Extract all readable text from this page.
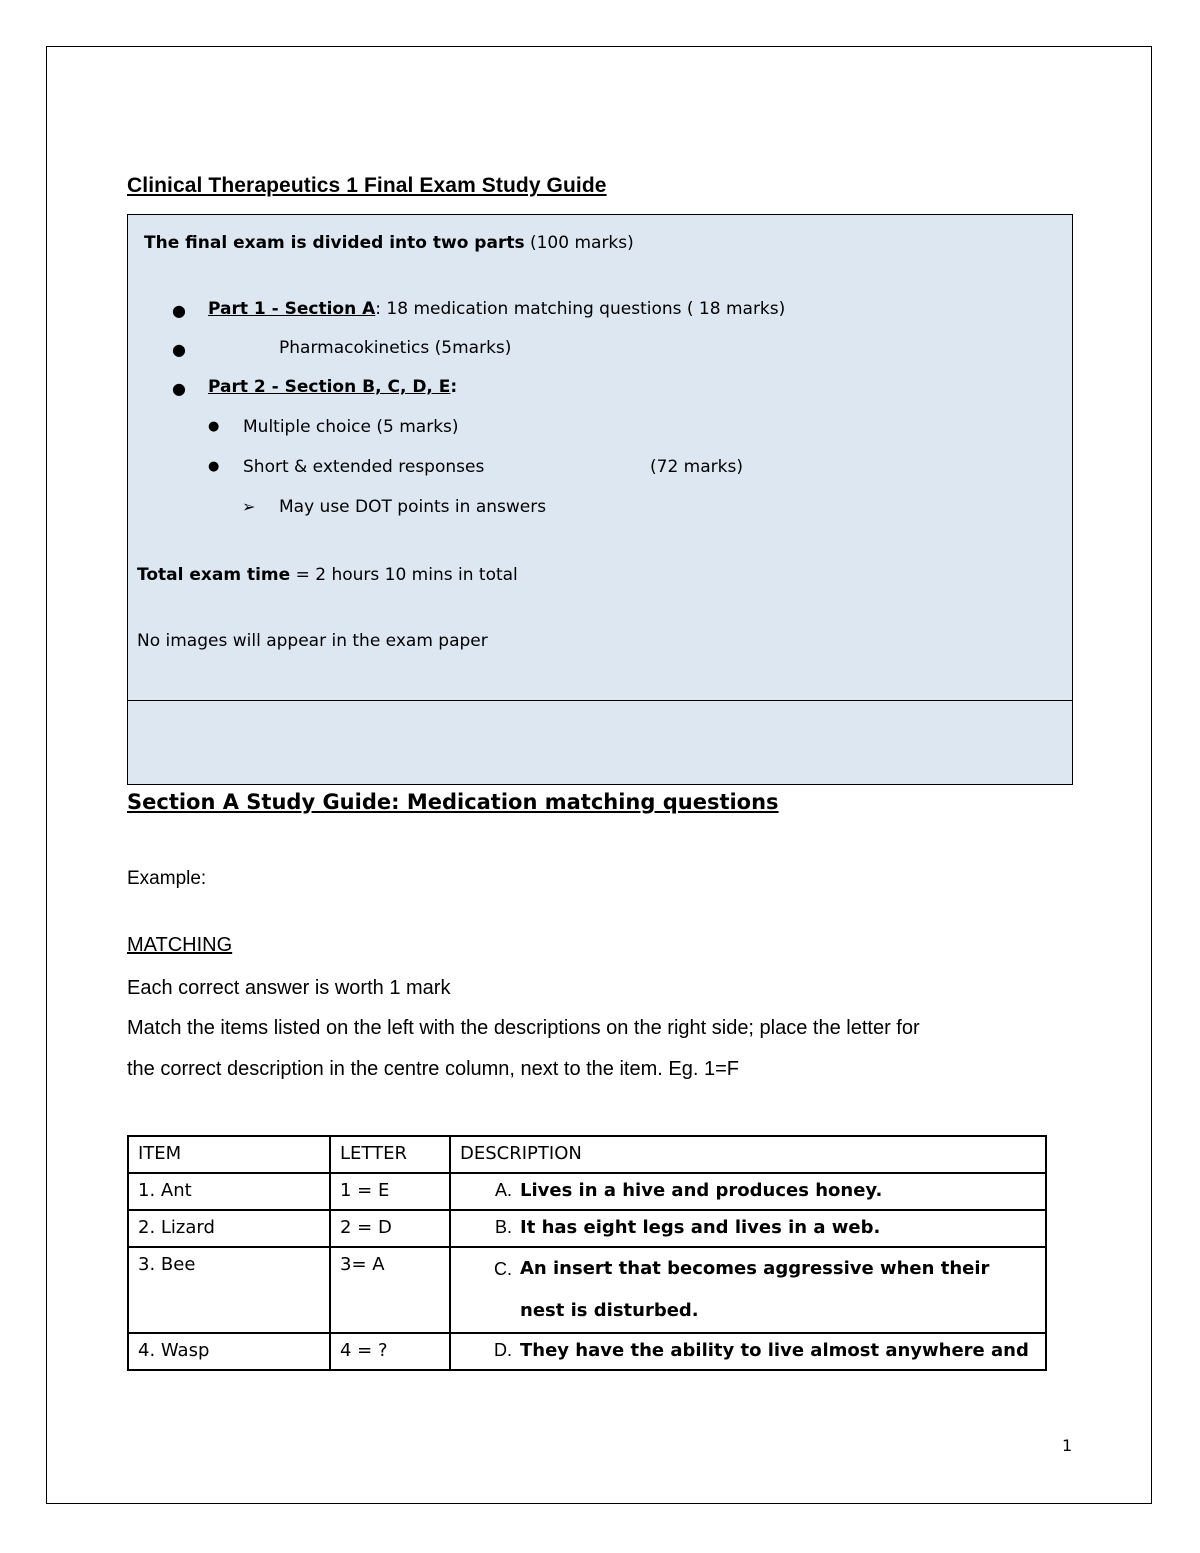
Clinical Therapeutics 1 Final Exam Study Guide
The final exam is divided into two parts (100 marks)
● Part 1 - Section A: 18 medication matching questions ( 18 marks)
●	Pharmacokinetics (5marks)
● Part 2 - Section B, C, D, E:
● Multiple choice (5 marks)
● Short & extended responses	(72 marks)
➢ May use DOT points in answers
Total exam time = 2 hours 10 mins in total
No images will appear in the exam paper
Section A Study Guide: Medication matching questions
Example:
MATCHING
Each correct answer is worth 1 mark
Match the items listed on the left with the descriptions on the right side; place the letter for
the correct description in the centre column, next to the item. Eg. 1=F
ITEM	LETTER	DESCRIPTION
1. Ant	1 = E	A. Lives in a hive and produces honey.
2. Lizard	2 = D	B. It has eight legs and lives in a web.
3. Bee	3= A	C. An insert that becomes aggressive when their nest is disturbed.

4. Wasp	4 = ?	D. They have the ability to live almost anywhere and
1
